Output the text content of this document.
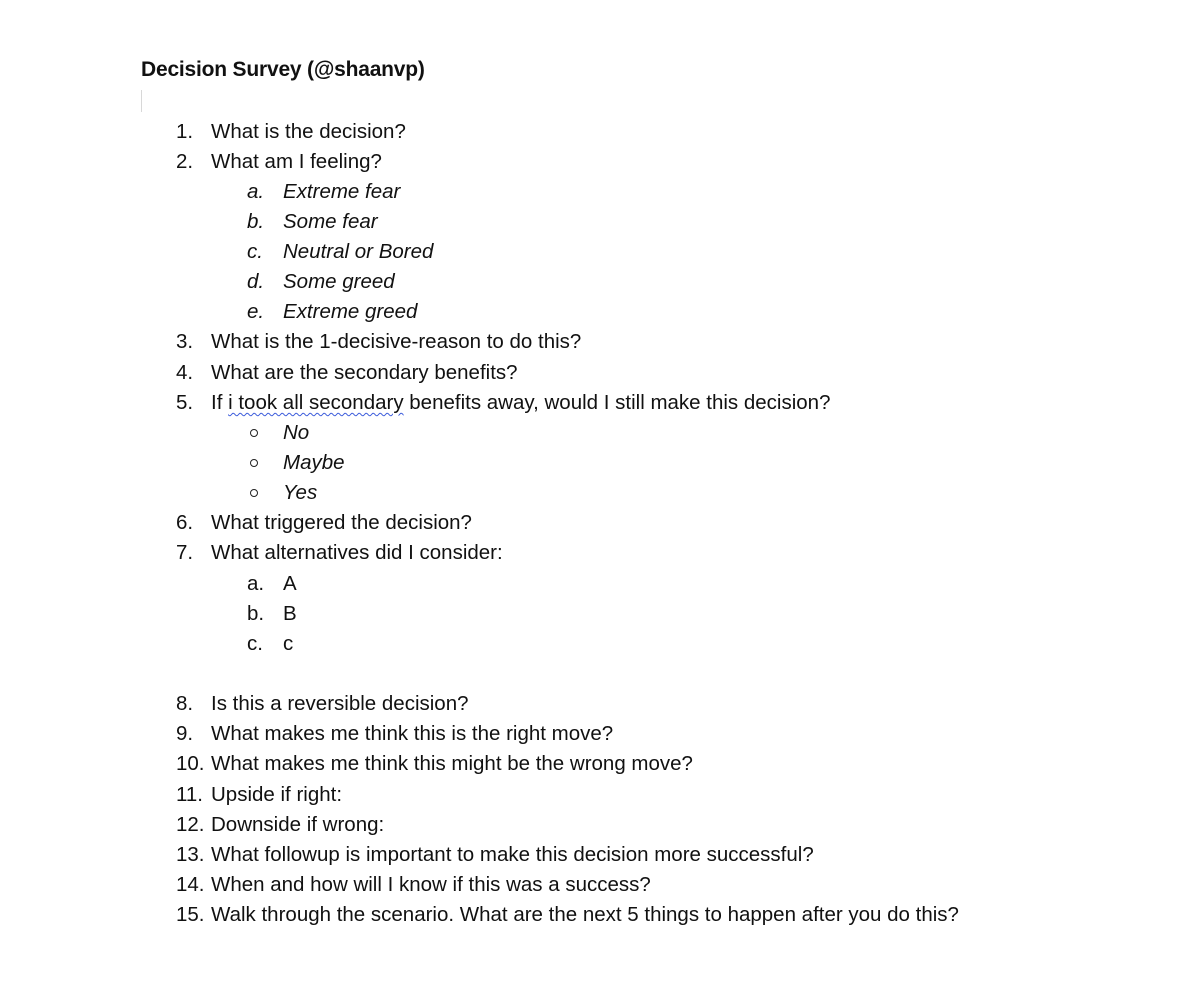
Decision Survey (@shaanvp)
1. What is the decision?
2. What am I feeling?
a. Extreme fear
b. Some fear
c. Neutral or Bored
d. Some greed
e. Extreme greed
3. What is the 1-decisive-reason to do this?
4. What are the secondary benefits?
5. If i took all secondary benefits away, would I still make this decision?
No
Maybe
Yes
6. What triggered the decision?
7. What alternatives did I consider:
a. A
b. B
c. c
8. Is this a reversible decision?
9. What makes me think this is the right move?
10. What makes me think this might be the wrong move?
11. Upside if right:
12. Downside if wrong:
13. What followup is important to make this decision more successful?
14. When and how will I know if this was a success?
15. Walk through the scenario. What are the next 5 things to happen after you do this?
